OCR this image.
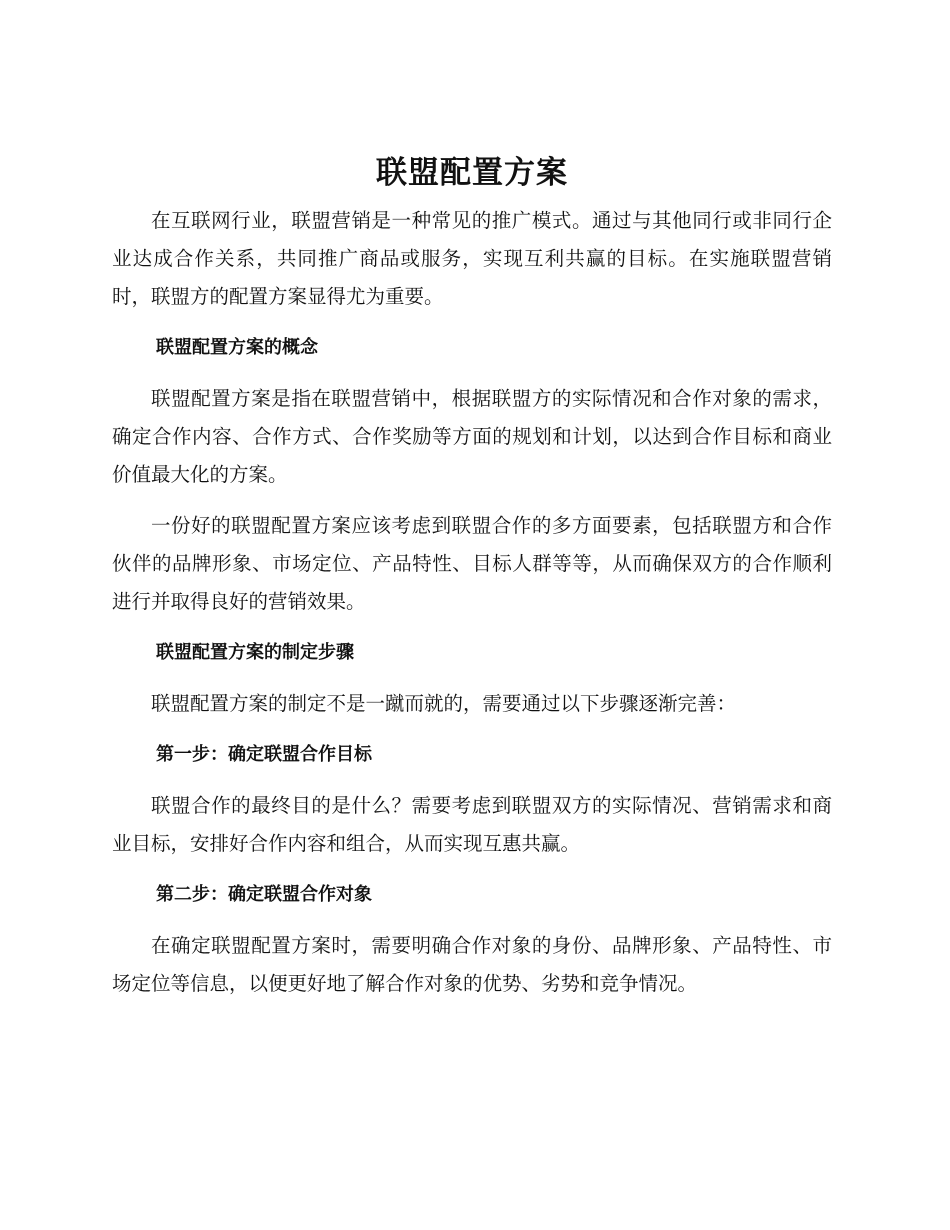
联盟配置方案

在互联网行业，联盟营销是一种常见的推广模式。通过与其他同行或非同行企业达成合作关系，共同推广商品或服务，实现互利共赢的目标。在实施联盟营销时，联盟方的配置方案显得尤为重要。

联盟配置方案的概念

联盟配置方案是指在联盟营销中，根据联盟方的实际情况和合作对象的需求，确定合作内容、合作方式、合作奖励等方面的规划和计划，以达到合作目标和商业价值最大化的方案。

一份好的联盟配置方案应该考虑到联盟合作的多方面要素，包括联盟方和合作伙伴的品牌形象、市场定位、产品特性、目标人群等等，从而确保双方的合作顺利进行并取得良好的营销效果。

联盟配置方案的制定步骤

联盟配置方案的制定不是一蹴而就的，需要通过以下步骤逐渐完善：

第一步：确定联盟合作目标

联盟合作的最终目的是什么？需要考虑到联盟双方的实际情况、营销需求和商业目标，安排好合作内容和组合，从而实现互惠共赢。

第二步：确定联盟合作对象

在确定联盟配置方案时，需要明确合作对象的身份、品牌形象、产品特性、市场定位等信息，以便更好地了解合作对象的优势、劣势和竞争情况。
